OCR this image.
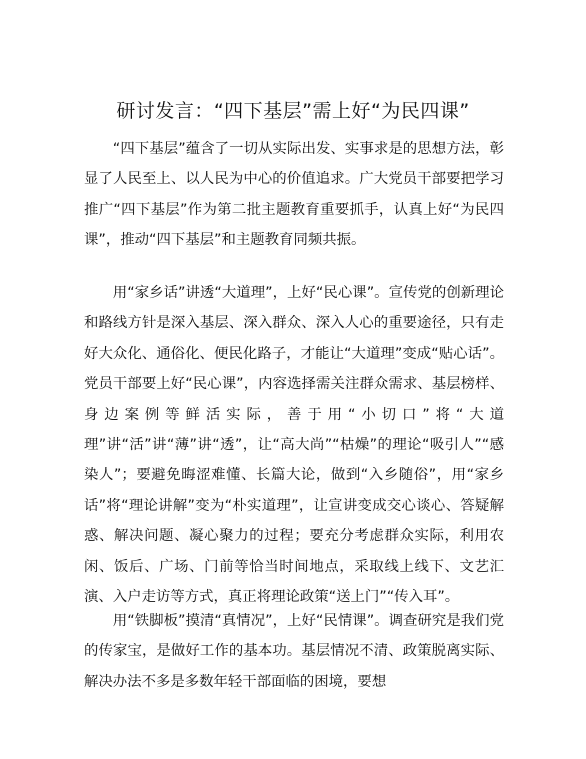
研讨发言：“四下基层”需上好“为民四课”

“四下基层”蕴含了一切从实际出发、实事求是的思想方法，彰显了人民至上、以人民为中心的价值追求。广大党员干部要把学习推广“四下基层”作为第二批主题教育重要抓手，认真上好“为民四课”，推动“四下基层”和主题教育同频共振。

用“家乡话”讲透“大道理”，上好“民心课”。宣传党的创新理论和路线方针是深入基层、深入群众、深入人心的重要途径，只有走好大众化、通俗化、便民化路子，才能让“大道理”变成“贴心话”。党员干部要上好“民心课”，内容选择需关注群众需求、基层榜样、身边案例等鲜活实际，善于用“小切口”将“大道理”讲“活”讲“薄”讲“透”，让“高大尚”“枯燥”的理论“吸引人”“感染人”；要避免晦涩难懂、长篇大论，做到“入乡随俗”，用“家乡话”将“理论讲解”变为“朴实道理”，让宣讲变成交心谈心、答疑解惑、解决问题、凝心聚力的过程；要充分考虑群众实际，利用农闲、饭后、广场、门前等恰当时间地点，采取线上线下、文艺汇演、入户走访等方式，真正将理论政策“送上门”“传入耳”。

用“铁脚板”摸清“真情况”，上好“民情课”。调查研究是我们党的传家宝，是做好工作的基本功。基层情况不清、政策脱离实际、解决办法不多是多数年轻干部面临的困境，要想
